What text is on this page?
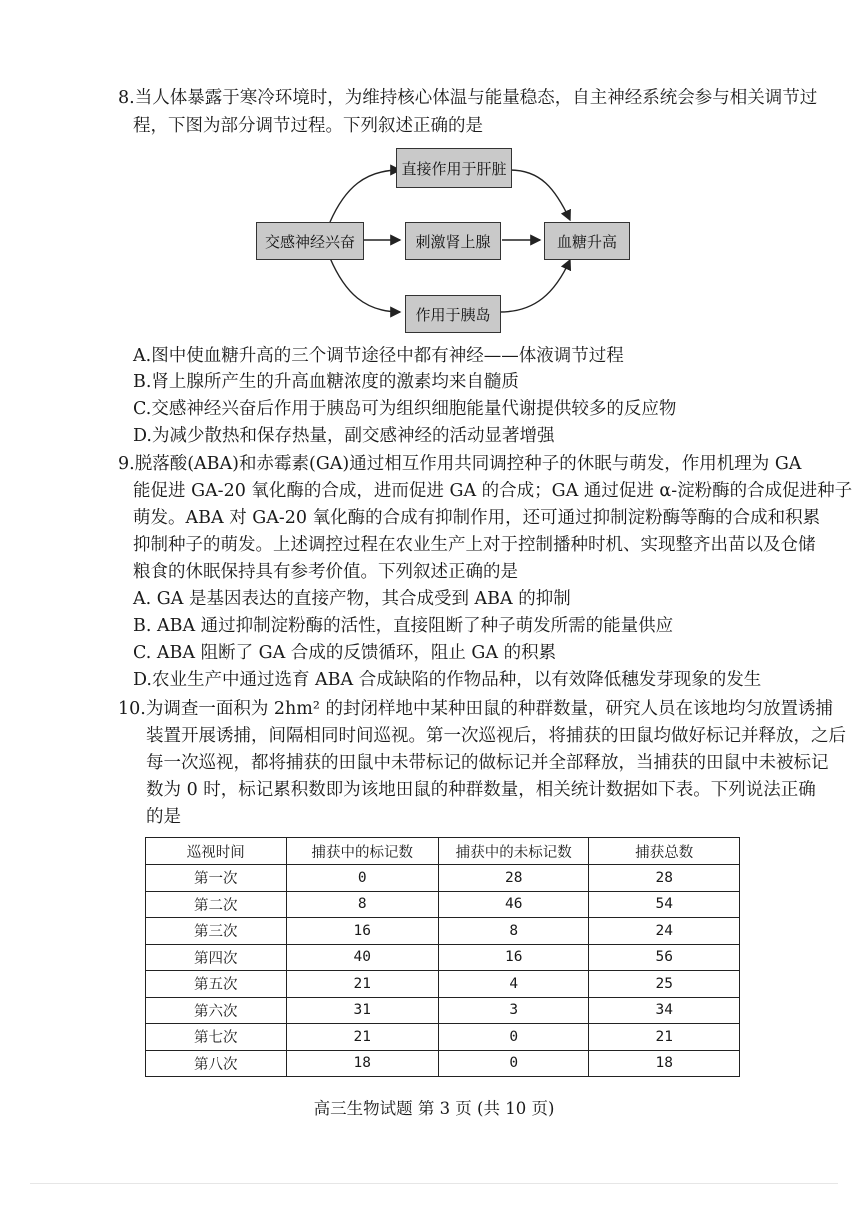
8.当人体暴露于寒冷环境时，为维持核心体温与能量稳态，自主神经系统会参与相关调节过
程，下图为部分调节过程。下列叙述正确的是
直接作用于肝脏
交感神经兴奋	刺激肾上腺	血糖升高
作用于胰岛
A.图中使血糖升高的三个调节途径中都有神经——体液调节过程
B.肾上腺所产生的升高血糖浓度的激素均来自髓质
C.交感神经兴奋后作用于胰岛可为组织细胞能量代谢提供较多的反应物
D.为减少散热和保存热量，副交感神经的活动显著增强
9.脱落酸(ABA)和赤霉素(GA)通过相互作用共同调控种子的休眠与萌发，作用机理为 GA
能促进 GA-20 氧化酶的合成，进而促进 GA 的合成；GA 通过促进 α-淀粉酶的合成促进种子
萌发。ABA 对 GA-20 氧化酶的合成有抑制作用，还可通过抑制淀粉酶等酶的合成和积累
抑制种子的萌发。上述调控过程在农业生产上对于控制播种时机、实现整齐出苗以及仓储
粮食的休眠保持具有参考价值。下列叙述正确的是
A. GA 是基因表达的直接产物，其合成受到 ABA 的抑制
B. ABA 通过抑制淀粉酶的活性，直接阻断了种子萌发所需的能量供应
C. ABA 阻断了 GA 合成的反馈循环，阻止 GA 的积累
D.农业生产中通过选育 ABA 合成缺陷的作物品种，以有效降低穗发芽现象的发生
10.为调查一面积为 2hm² 的封闭样地中某种田鼠的种群数量，研究人员在该地均匀放置诱捕
装置开展诱捕，间隔相同时间巡视。第一次巡视后，将捕获的田鼠均做好标记并释放，之后
每一次巡视，都将捕获的田鼠中未带标记的做标记并全部释放，当捕获的田鼠中未被标记
数为 0 时，标记累积数即为该地田鼠的种群数量，相关统计数据如下表。下列说法正确
的是
巡视时间	捕获中的标记数	捕获中的未标记数	捕获总数
第一次	0	28	28
第二次	8	46	54
第三次	16	8	24
第四次	40	16	56
第五次	21	4	25
第六次	31	3	34
第七次	21	0	21
第八次	18	0	18
高三生物试题 第 3 页 (共 10 页)
